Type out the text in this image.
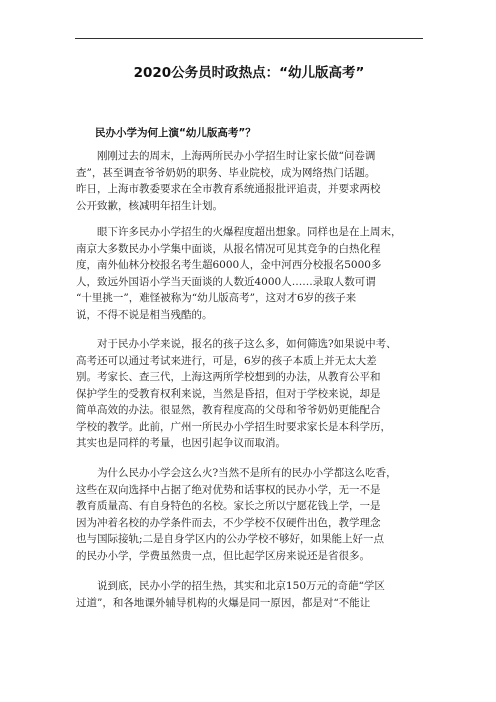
2020公务员时政热点：“幼儿版高考”
民办小学为何上演“幼儿版高考”？
　　刚刚过去的周末，上海两所民办小学招生时让家长做“问卷调
查”，甚至调查爷爷奶奶的职务、毕业院校，成为网络热门话题。
昨日，上海市教委要求在全市教育系统通报批评追责，并要求两校
公开致歉，核减明年招生计划。
　　眼下许多民办小学招生的火爆程度超出想象。同样也是在上周末，
南京大多数民办小学集中面谈，从报名情况可见其竞争的白热化程
度，南外仙林分校报名考生超6000人，金中河西分校报名5000多
人，致远外国语小学当天面谈的人数近4000人……录取人数可谓
“十里挑一”，难怪被称为“幼儿版高考”，这对才6岁的孩子来
说，不得不说是相当残酷的。
　　对于民办小学来说，报名的孩子这么多，如何筛选?如果说中考、
高考还可以通过考试来进行，可是，6岁的孩子本质上并无太大差
别。考家长、查三代，上海这两所学校想到的办法，从教育公平和
保护学生的受教育权利来说，当然是昏招，但对于学校来说，却是
简单高效的办法。很显然，教育程度高的父母和爷爷奶奶更能配合
学校的教学。此前，广州一所民办小学招生时要求家长是本科学历，
其实也是同样的考量，也因引起争议而取消。
　　为什么民办小学会这么火?当然不是所有的民办小学都这么吃香，
这些在双向选择中占据了绝对优势和话事权的民办小学，无一不是
教育质量高、有自身特色的名校。家长之所以宁愿花钱上学，一是
因为冲着名校的办学条件而去，不少学校不仅硬件出色，教学理念
也与国际接轨;二是自身学区内的公办学校不够好，如果能上好一点
的民办小学，学费虽然贵一点，但比起学区房来说还是省很多。
　　说到底，民办小学的招生热，其实和北京150万元的奇葩“学区
过道”，和各地课外辅导机构的火爆是同一原因，都是对“不能让
